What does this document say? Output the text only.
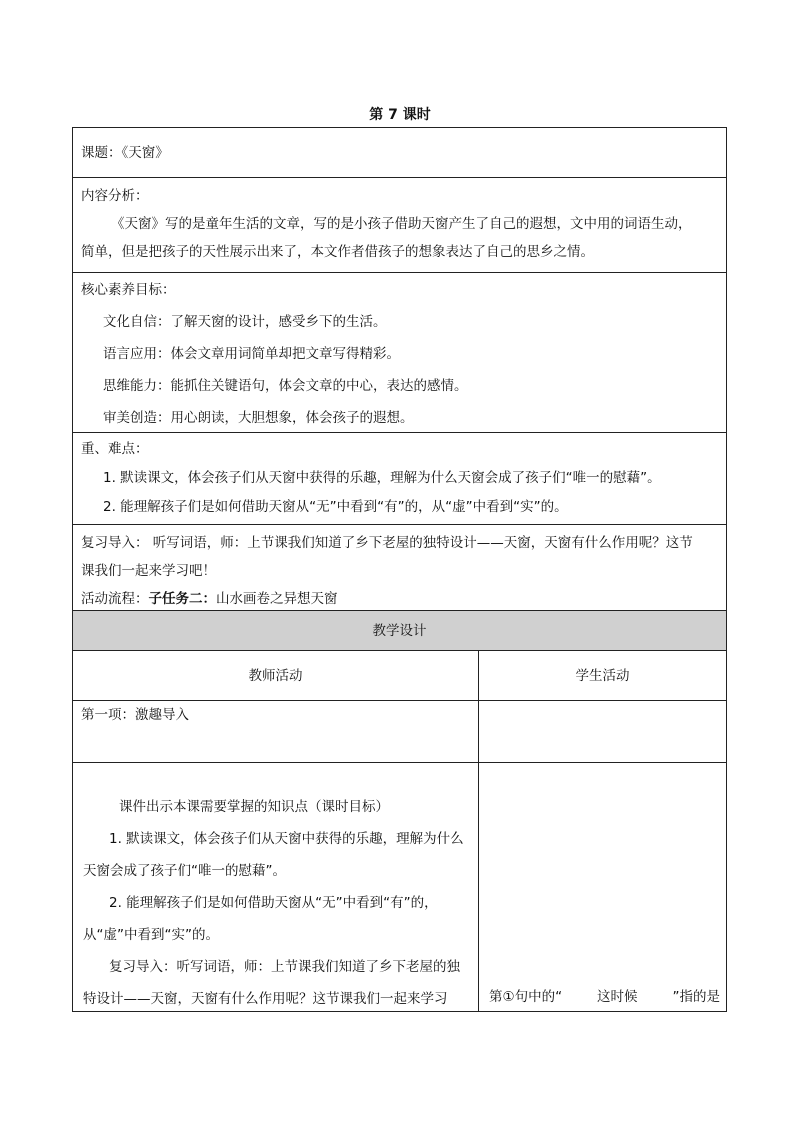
第 7 课时
课题：《天窗》
内容分析：
《天窗》写的是童年生活的文章，写的是小孩子借助天窗产生了自己的遐想，文中用的词语生动，
简单，但是把孩子的天性展示出来了，本文作者借孩子的想象表达了自己的思乡之情。
核心素养目标：
文化自信：了解天窗的设计，感受乡下的生活。
语言应用：体会文章用词简单却把文章写得精彩。
思维能力：能抓住关键语句，体会文章的中心，表达的感情。
审美创造：用心朗读，大胆想象，体会孩子的遐想。
重、难点：
1. 默读课文，体会孩子们从天窗中获得的乐趣，理解为什么天窗会成了孩子们“唯一的慰藉”。
2. 能理解孩子们是如何借助天窗从“无”中看到“有”的，从“虚”中看到“实”的。
复习导入： 听写词语，师：上节课我们知道了乡下老屋的独特设计——天窗，天窗有什么作用呢？这节
课我们一起来学习吧！
活动流程：子任务二：山水画卷之异想天窗
教学设计
教师活动	学生活动
第一项：激趣导入
课件出示本课需要掌握的知识点（课时目标）
1. 默读课文，体会孩子们从天窗中获得的乐趣，理解为什么
天窗会成了孩子们“唯一的慰藉”。
2. 能理解孩子们是如何借助天窗从“无”中看到“有”的，
从“虚”中看到“实”的。
复习导入：听写词语，师：上节课我们知道了乡下老屋的独
特设计——天窗，天窗有什么作用呢？这节课我们一起来学习	第①句中的“	这时候	”指的是
